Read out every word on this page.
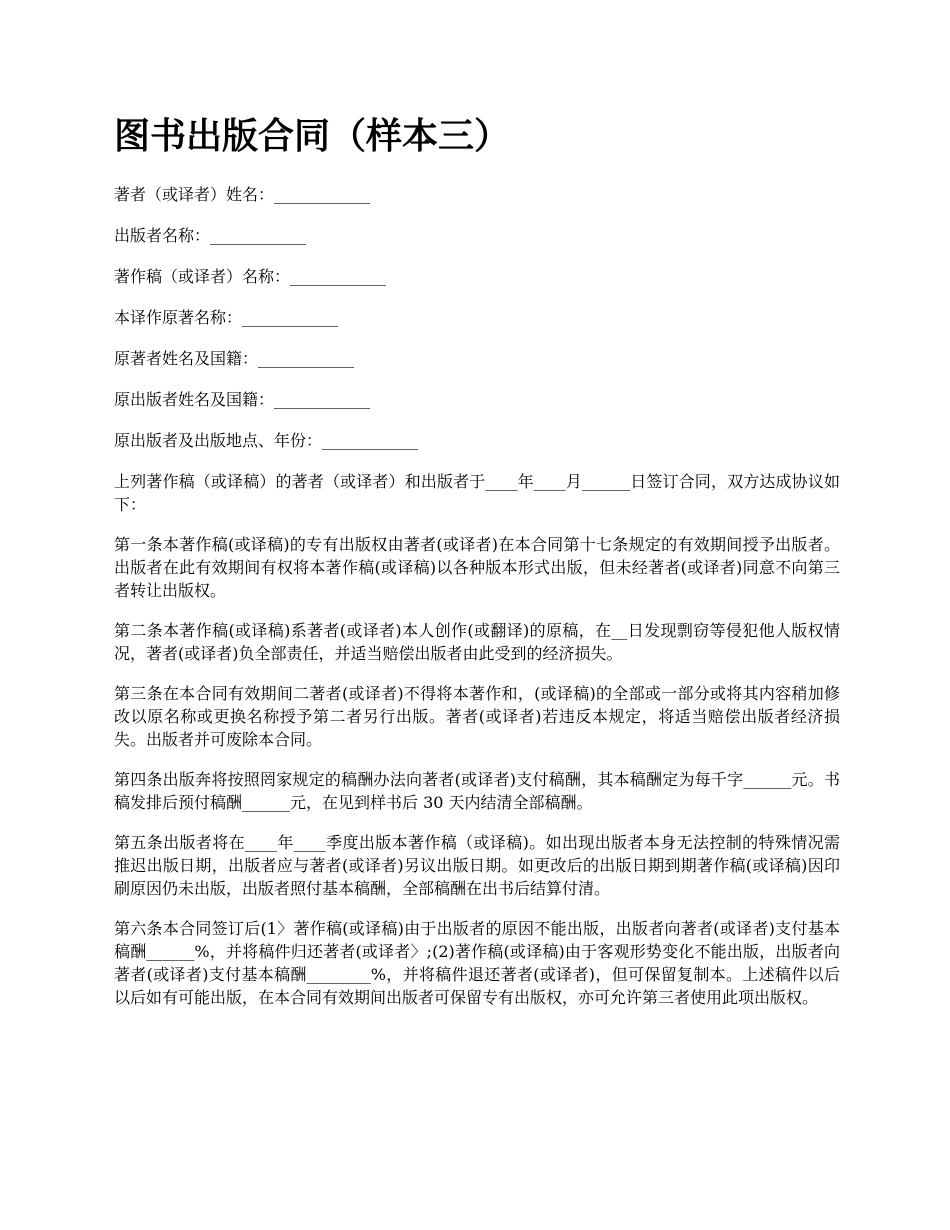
图书出版合同（样本三）
著者（或译者）姓名：____________
出版者名称：____________
著作稿（或译者）名称：____________
本译作原著名称：____________
原著者姓名及国籍：____________
原出版者姓名及国籍：____________
原出版者及出版地点、年份：____________

上列著作稿（或译稿）的著者（或译者）和出版者于____年____月______日签订合同，双方达成协议如下：

第一条本著作稿(或译稿)的专有出版权由著者(或译者)在本合同第十七条规定的有效期间授予出版者。出版者在此有效期间有权将本著作稿(或译稿)以各种版本形式出版，但未经著者(或译者)同意不向第三者转让出版权。

第二条本著作稿(或译稿)系著者(或译者)本人创作(或翻译)的原稿，在__日发现剽窃等侵犯他人版权情况，著者(或译者)负全部责任，并适当赔偿出版者由此受到的经济损失。

第三条在本合同有效期间二著者(或译者)不得将本著作和，(或译稿)的全部或一部分或将其内容稍加修改以原名称或更换名称授予第二者另行出版。著者(或译者)若违反本规定，将适当赔偿出版者经济损失。出版者并可废除本合同。

第四条出版奔将按照罔家规定的稿酬办法向著者(或译者)支付稿酬，其本稿酬定为每千字______元。书稿发排后预付稿酬______元，在见到样书后 30 天内结清全部稿酬。

第五条出版者将在____年____季度出版本著作稿（或译稿)。如出现出版者本身无法控制的特殊情况需推迟出版日期，出版者应与著者(或译者)另议出版日期。如更改后的出版日期到期著作稿(或译稿)因印刷原因仍未出版，出版者照付基本稿酬，全部稿酬在出书后结算付清。

第六条本合同签订后(1〉著作稿(或译稿)由于出版者的原因不能出版，出版者向著者(或译者)支付基本稿酬______%，并将稿件归还著者(或译者〉;(2)著作稿(或译稿)由于客观形势变化不能出版，出版者向著者(或译者)支付基本稿酬________%，并将稿件退还著者(或译者)，但可保留复制本。上述稿件以后以后如有可能出版，在本合同有效期间出版者可保留专有出版权，亦可允许第三者使用此项出版权。
